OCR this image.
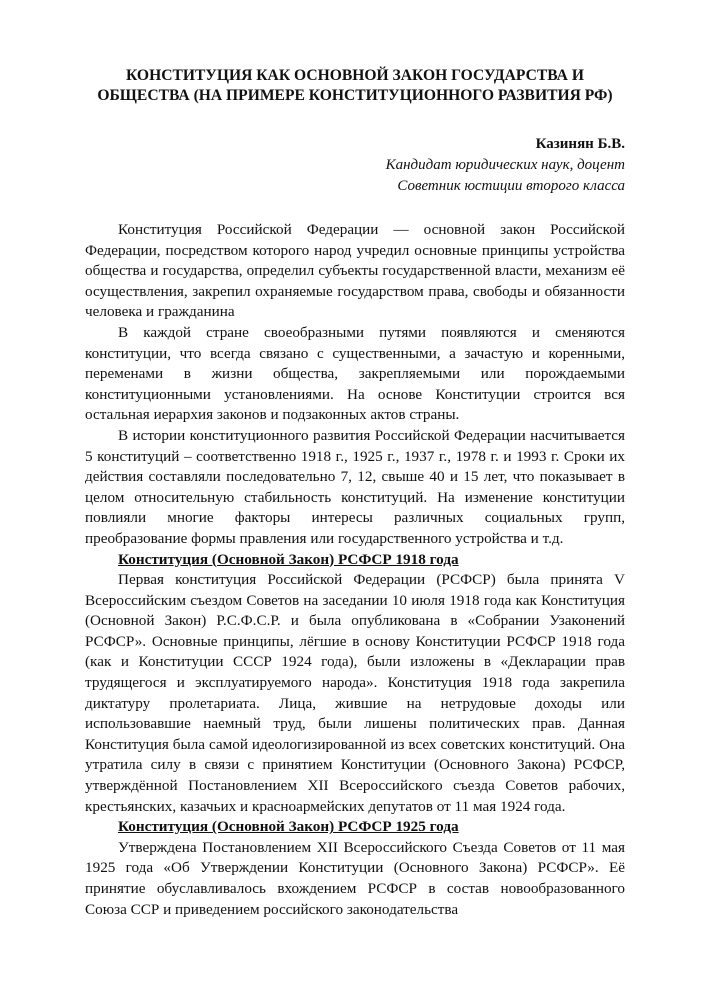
КОНСТИТУЦИЯ КАК ОСНОВНОЙ ЗАКОН ГОСУДАРСТВА И ОБЩЕСТВА (НА ПРИМЕРЕ КОНСТИТУЦИОННОГО РАЗВИТИЯ РФ)
Казинян Б.В.
Кандидат юридических наук, доцент
Советник юстиции второго класса

Конституция Российской Федерации — основной закон Российской Федерации, посредством которого народ учредил основные принципы устройства общества и государства, определил субъекты государственной власти, механизм её осуществления, закрепил охраняемые государством права, свободы и обязанности человека и гражданина

В каждой стране своеобразными путями появляются и сменяются конституции, что всегда связано с существенными, а зачастую и коренными, переменами в жизни общества, закрепляемыми или порождаемыми конституционными установлениями. На основе Конституции строится вся остальная иерархия законов и подзаконных актов страны.

В истории конституционного развития Российской Федерации насчитывается 5 конституций – соответственно 1918 г., 1925 г., 1937 г., 1978 г. и 1993 г. Сроки их действия составляли последовательно 7, 12, свыше 40 и 15 лет, что показывает в целом относительную стабильность конституций. На изменение конституции повлияли многие факторы интересы различных социальных групп, преобразование формы правления или государственного устройства и т.д.

Конституция (Основной Закон) РСФСР 1918 года

Первая конституция Российской Федерации (РСФСР) была принята V Всероссийским съездом Советов на заседании 10 июля 1918 года как Конституция (Основной Закон) Р.С.Ф.С.Р. и была опубликована в «Собрании Узаконений РСФСР». Основные принципы, лёгшие в основу Конституции РСФСР 1918 года (как и Конституции СССР 1924 года), были изложены в «Декларации прав трудящегося и эксплуатируемого народа». Конституция 1918 года закрепила диктатуру пролетариата. Лица, жившие на нетрудовые доходы или использовавшие наемный труд, были лишены политических прав. Данная Конституция была самой идеологизированной из всех советских конституций. Она утратила силу в связи с принятием Конституции (Основного Закона) РСФСР, утверждённой Постановлением XII Всероссийского съезда Советов рабочих, крестьянских, казачьих и красноармейских депутатов от 11 мая 1924 года.

Конституция (Основной Закон) РСФСР 1925 года

Утверждена Постановлением XII Всероссийского Съезда Советов от 11 мая 1925 года «Об Утверждении Конституции (Основного Закона) РСФСР». Её принятие обуславливалось вхождением РСФСР в состав новообразованного Союза ССР и приведением российского законодательства
